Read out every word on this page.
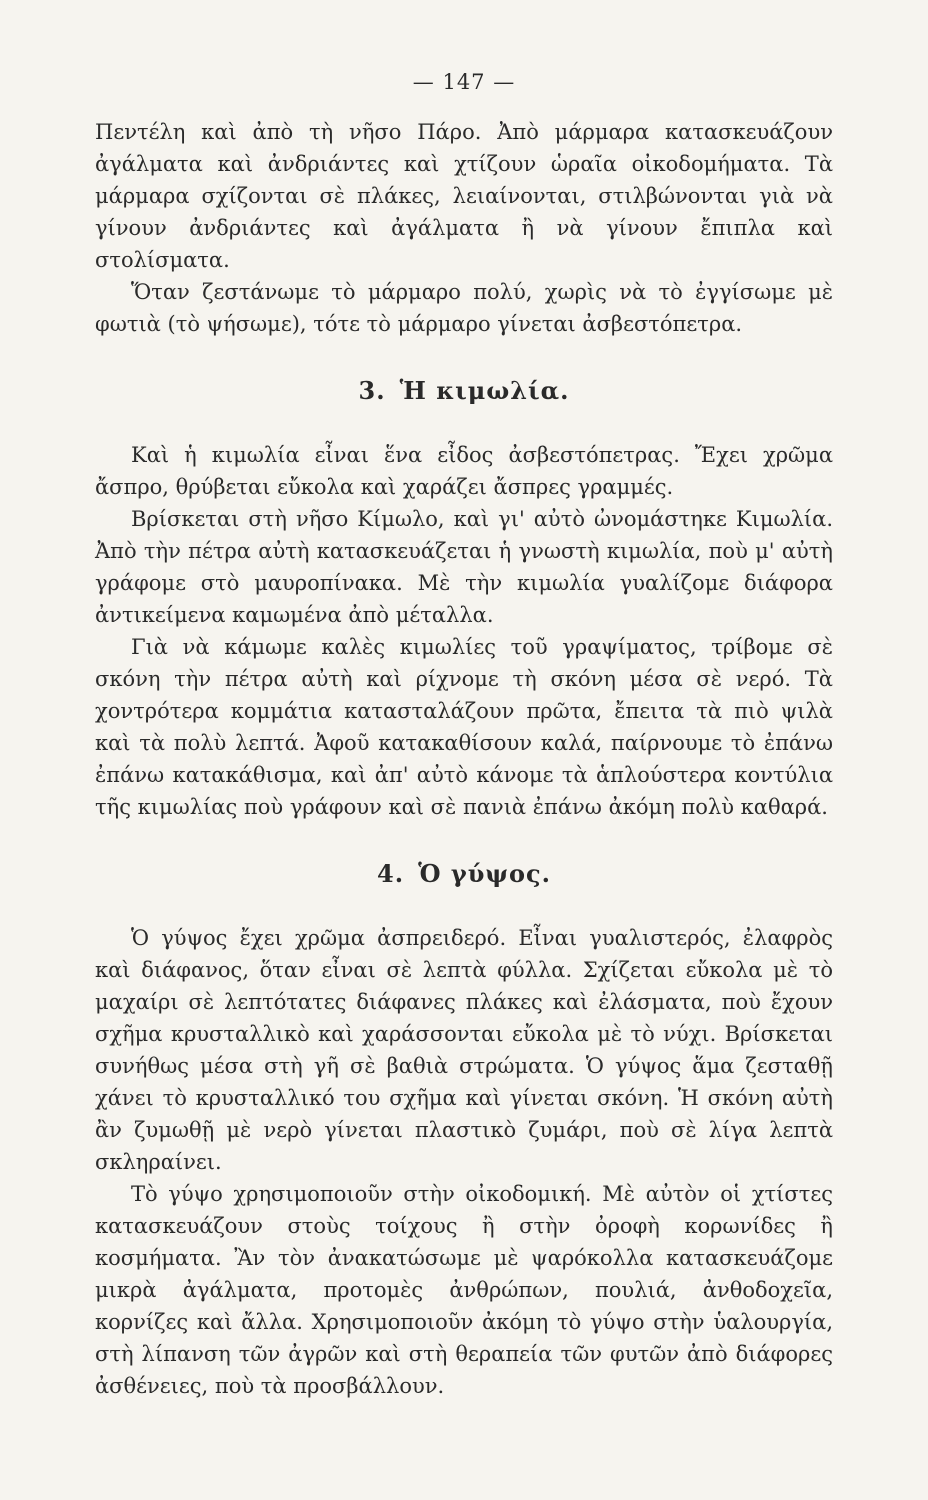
— 147 —

Πεντέλη καὶ ἀπὸ τὴ νῆσο Πάρο. Ἀπὸ μάρμαρα κατασκευάζουν ἀγάλματα καὶ ἀνδριάντες καὶ χτίζουν ὡραῖα οἰκοδομήματα. Τὰ μάρμαρα σχίζονται σὲ πλάκες, λειαίνονται, στιλβώνονται γιὰ νὰ γίνουν ἀνδριάντες καὶ ἀγάλματα ἢ νὰ γίνουν ἔπιπλα καὶ στολίσματα.

Ὅταν ζεστάνωμε τὸ μάρμαρο πολύ, χωρὶς νὰ τὸ ἐγγίσωμε μὲ φωτιὰ (τὸ ψήσωμε), τότε τὸ μάρμαρο γίνεται ἀσβεστόπετρα.

3. Ἡ κιμωλία.

Καὶ ἡ κιμωλία εἶναι ἕνα εἶδος ἀσβεστόπετρας. Ἔχει χρῶμα ἄσπρο, θρύβεται εὔκολα καὶ χαράζει ἄσπρες γραμμές.

Βρίσκεται στὴ νῆσο Κίμωλο, καὶ γι' αὐτὸ ὠνομάστηκε Κιμωλία. Ἀπὸ τὴν πέτρα αὐτὴ κατασκευάζεται ἡ γνωστὴ κιμωλία, ποὺ μ' αὐτὴ γράφομε στὸ μαυροπίνακα. Μὲ τὴν κιμωλία γυαλίζομε διάφορα ἀντικείμενα καμωμένα ἀπὸ μέταλλα.

Γιὰ νὰ κάμωμε καλὲς κιμωλίες τοῦ γραψίματος, τρίβομε σὲ σκόνη τὴν πέτρα αὐτὴ καὶ ρίχνομε τὴ σκόνη μέσα σὲ νερό. Τὰ χοντρότερα κομμάτια κατασταλάζουν πρῶτα, ἔπειτα τὰ πιὸ ψιλὰ καὶ τὰ πολὺ λεπτά. Ἀφοῦ κατακαθίσουν καλά, παίρνουμε τὸ ἐπάνω ἐπάνω κατακάθισμα, καὶ ἀπ' αὐτὸ κάνομε τὰ ἁπλούστερα κοντύλια τῆς κιμωλίας ποὺ γράφουν καὶ σὲ πανιὰ ἐπάνω ἀκόμη πολὺ καθαρά.

4. Ὁ γύψος.

Ὁ γύψος ἔχει χρῶμα ἀσπρειδερό. Εἶναι γυαλιστερός, ἐλαφρὸς καὶ διάφανος, ὅταν εἶναι σὲ λεπτὰ φύλλα. Σχίζεται εὔκολα μὲ τὸ μαχαίρι σὲ λεπτότατες διάφανες πλάκες καὶ ἐλάσματα, ποὺ ἔχουν σχῆμα κρυσταλλικὸ καὶ χαράσσονται εὔκολα μὲ τὸ νύχι. Βρίσκεται συνήθως μέσα στὴ γῆ σὲ βαθιὰ στρώματα. Ὁ γύψος ἅμα ζεσταθῇ χάνει τὸ κρυσταλλικό του σχῆμα καὶ γίνεται σκόνη. Ἡ σκόνη αὐτὴ ἂν ζυμωθῇ μὲ νερὸ γίνεται πλαστικὸ ζυμάρι, ποὺ σὲ λίγα λεπτὰ σκληραίνει.

Τὸ γύψο χρησιμοποιοῦν στὴν οἰκοδομική. Μὲ αὐτὸν οἱ χτίστες κατασκευάζουν στοὺς τοίχους ἢ στὴν ὀροφὴ κορωνίδες ἢ κοσμήματα. Ἂν τὸν ἀνακατώσωμε μὲ ψαρόκολλα κατασκευάζομε μικρὰ ἀγάλματα, προτομὲς ἀνθρώπων, πουλιά, ἀνθοδοχεῖα, κορνίζες καὶ ἄλλα. Χρησιμοποιοῦν ἀκόμη τὸ γύψο στὴν ὑαλουργία, στὴ λίπανση τῶν ἀγρῶν καὶ στὴ θεραπεία τῶν φυτῶν ἀπὸ διάφορες ἀσθένειες, ποὺ τὰ προσβάλλουν.
